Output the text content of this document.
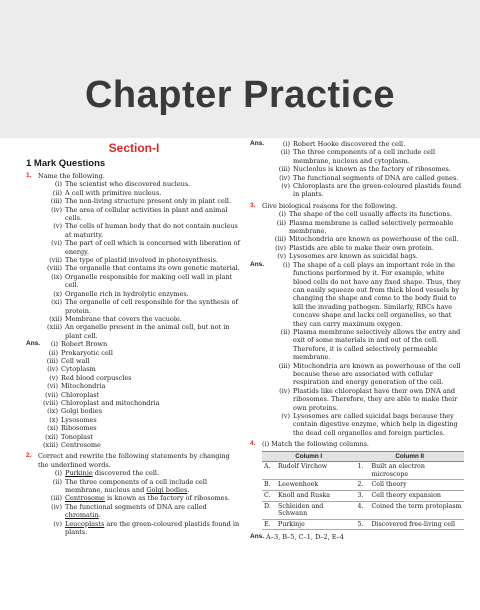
Chapter Practice
Section-I
1 Mark Questions
1.	Name the following.
(i) The scientist who discovered nucleus.
(ii) A cell with primitive nucleus.
(iii) The non-living structure present only in plant cell.
(iv) The area of cellular activities in plant and animal cells.
(v) The cells of human body that do not contain nucleus at maturity.
(vi) The part of cell which is concerned with liberation of energy.
(vii) The type of plastid involved in photosynthesis.
(viii) The organelle that contains its own genetic material.
(ix) Organelle responsible for making cell wall in plant cell.
(x) Organelle rich in hydrolytic enzymes.
(xi) The organelle of cell responsible for the synthesis of protein.
(xii) Membrane that covers the vacuole.
(xiii) An organelle present in the animal cell, but not in plant cell.
Ans.	(i) Robert Brown
(ii) Prokaryotic cell
(iii) Cell wall
(iv) Cytoplasm
(v) Red blood corpuscles
(vi) Mitochondria
(vii) Chloroplast
(viii) Chloroplast and mitochondria
(ix) Golgi bodies
(x) Lysosomes
(xi) Ribosomes
(xii) Tonoplast
(xiii) Centrosome
2.	Correct and rewrite the following statements by changing the underlined words.
(i) Purkinje discovered the cell.
(ii) The three components of a cell include cell membrane, nucleus and Golgi bodies.
(iii) Centrosome is known as the factory of ribosomes.
(iv) The functional segments of DNA are called chromatin.
(v) Leucoplasts are the green-coloured plastids found in plants.
Ans.	(i) Robert Hooke discovered the cell.
(ii) The three components of a cell include cell membrane, nucleus and cytoplasm.
(iii) Nucleolus is known as the factory of ribosomes.
(iv) The functional segments of DNA are called genes.
(v) Chloroplasts are the green-coloured plastids found in plants.
3.	Give biological reasons for the following.
(i) The shape of the cell usually affects its functions.
(ii) Plasma membrane is called selectively permeable membrane.
(iii) Mitochondria are known as powerhouse of the cell.
(iv) Plastids are able to make their own protein.
(v) Lysosomes are known as suicidal bags.
Ans.	(i) The shape of a cell plays an important role in the functions performed by it. For example, white blood cells do not have any fixed shape. Thus, they can easily squeeze out from thick blood vessels by changing the shape and come to the body fluid to kill the invading pathogen. Similarly, RBCs have concave shape and lacks cell organelles, so that they can carry maximum oxygen.
(ii) Plasma membrane selectively allows the entry and exit of some materials in and out of the cell. Therefore, it is called selectively permeable membrane.
(iii) Mitochondria are known as powerhouse of the cell because these are associated with cellular respiration and energy generation of the cell.
(iv) Plastids like chloroplast have their own DNA and ribosomes. Therefore, they are able to make their own proteins.
(v) Lysosomes are called suicidal bags because they contain digestive enzyme, which help in digesting the dead cell organelles and foreign particles.
4.	(i) Match the following columns.
Column I		Column II	
A.	Rudolf Virchow	1.	Built an electron microscope
B.	Leewenhoek	2.	Cell theory
C.	Knoll and Ruska	3.	Cell theory expansion
D.	Schleiden and Schwann	4.	Coined the term protoplasm
E.	Purkinje	5.	Discovered free-living cell
Ans. A–3, B–5, C–1, D–2, E–4
